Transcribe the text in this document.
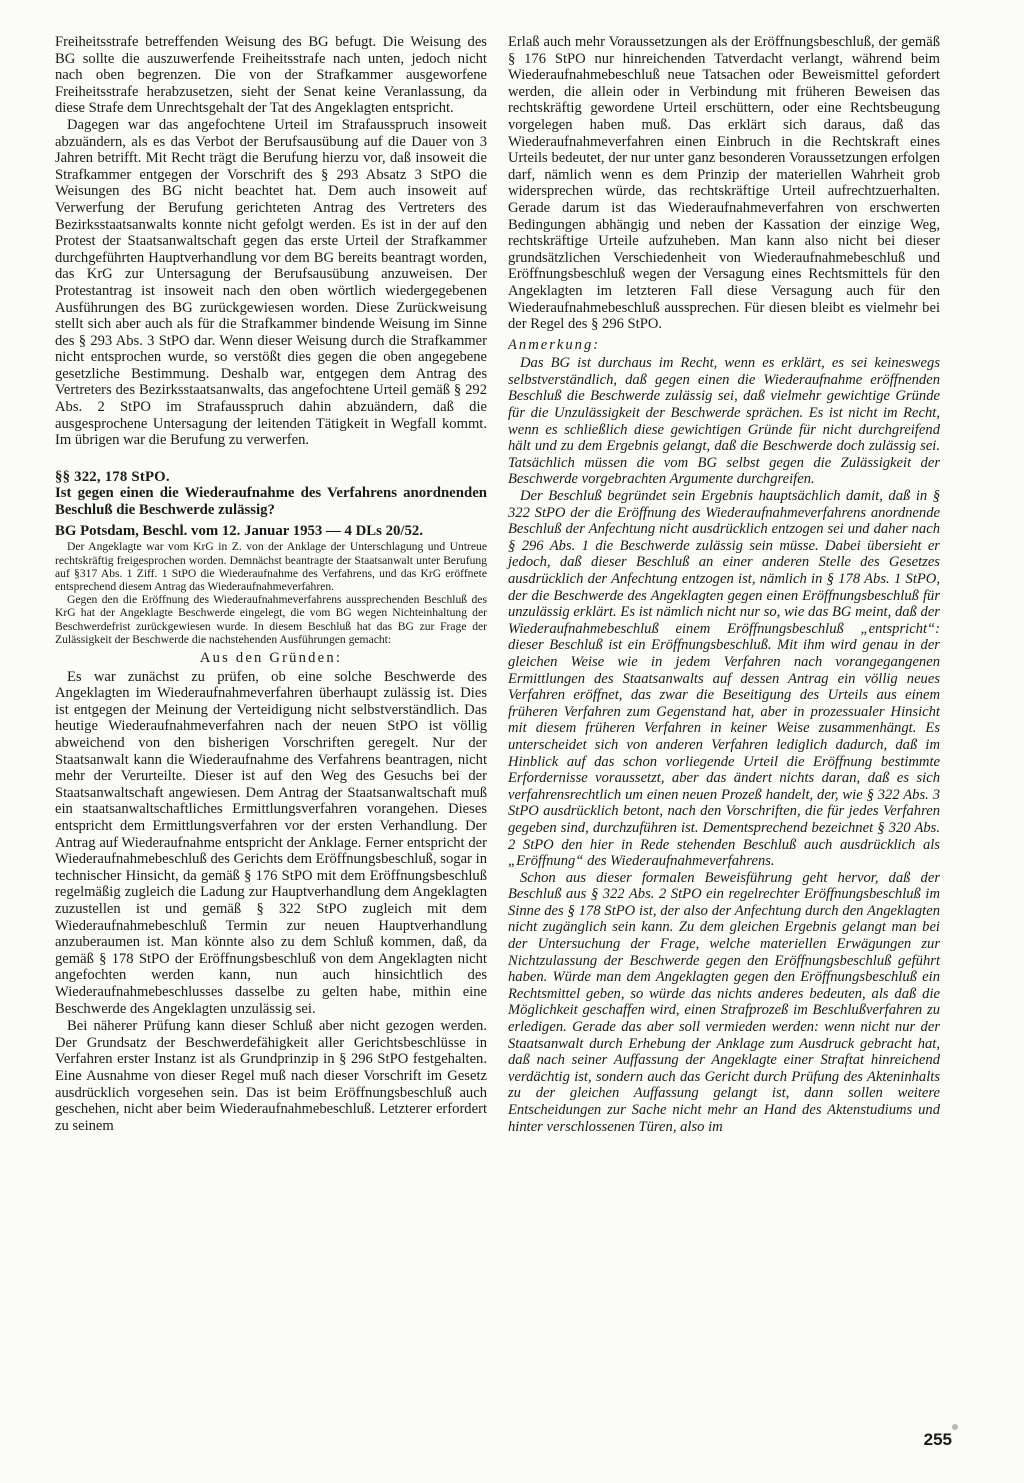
Freiheitsstrafe betreffenden Weisung des BG befugt. Die Weisung des BG sollte die auszuwerfende Freiheitsstrafe nach unten, jedoch nicht nach oben begrenzen. Die von der Strafkammer ausgeworfene Freiheitsstrafe herabzusetzen, sieht der Senat keine Veranlassung, da diese Strafe dem Unrechtsgehalt der Tat des Angeklagten entspricht.

Dagegen war das angefochtene Urteil im Strafausspruch insoweit abzuändern, als es das Verbot der Berufsausübung auf die Dauer von 3 Jahren betrifft. Mit Recht trägt die Berufung hierzu vor, daß insoweit die Strafkammer entgegen der Vorschrift des § 293 Absatz 3 StPO die Weisungen des BG nicht beachtet hat. Dem auch insoweit auf Verwerfung der Berufung gerichteten Antrag des Vertreters des Bezirksstaatsanwalts konnte nicht gefolgt werden. Es ist in der auf den Protest der Staatsanwaltschaft gegen das erste Urteil der Strafkammer durchgeführten Hauptverhandlung vor dem BG bereits beantragt worden, das KrG zur Untersagung der Berufsausübung anzuweisen. Der Protestantrag ist insoweit nach den oben wörtlich wiedergegebenen Ausführungen des BG zurückgewiesen worden. Diese Zurückweisung stellt sich aber auch als für die Strafkammer bindende Weisung im Sinne des § 293 Abs. 3 StPO dar. Wenn dieser Weisung durch die Strafkammer nicht entsprochen wurde, so verstößt dies gegen die oben angegebene gesetzliche Bestimmung. Deshalb war, entgegen dem Antrag des Vertreters des Bezirksstaatsanwalts, das angefochtene Urteil gemäß § 292 Abs. 2 StPO im Strafausspruch dahin abzuändern, daß die ausgesprochene Untersagung der leitenden Tätigkeit in Wegfall kommt. Im übrigen war die Berufung zu verwerfen.

§§ 322, 178 StPO.

Ist gegen einen die Wiederaufnahme des Verfahrens anordnenden Beschluß die Beschwerde zulässig?

BG Potsdam, Beschl. vom 12. Januar 1953 — 4 DLs 20/52.

Der Angeklagte war vom KrG in Z. von der Anklage der Unterschlagung und Untreue rechtskräftig freigesprochen worden. Demnächst beantragte der Staatsanwalt unter Berufung auf §317 Abs. 1 Ziff. 1 StPO die Wiederaufnahme des Verfahrens, und das KrG eröffnete entsprechend diesem Antrag das Wiederaufnahmeverfahren.

Gegen den die Eröffnung des Wiederaufnahmeverfahrens aussprechenden Beschluß des KrG hat der Angeklagte Beschwerde eingelegt, die vom BG wegen Nichteinhaltung der Beschwerdefrist zurückgewiesen wurde. In diesem Beschluß hat das BG zur Frage der Zulässigkeit der Beschwerde die nachstehenden Ausführungen gemacht:

Aus den Gründen:

Es war zunächst zu prüfen, ob eine solche Beschwerde des Angeklagten im Wiederaufnahmeverfahren überhaupt zulässig ist. Dies ist entgegen der Meinung der Verteidigung nicht selbstverständlich. Das heutige Wiederaufnahmeverfahren nach der neuen StPO ist völlig abweichend von den bisherigen Vorschriften geregelt. Nur der Staatsanwalt kann die Wiederaufnahme des Verfahrens beantragen, nicht mehr der Verurteilte. Dieser ist auf den Weg des Gesuchs bei der Staatsanwaltschaft angewiesen. Dem Antrag der Staatsanwaltschaft muß ein staatsanwaltschaftliches Ermittlungsverfahren vorangehen. Dieses entspricht dem Ermittlungsverfahren vor der ersten Verhandlung. Der Antrag auf Wiederaufnahme entspricht der Anklage. Ferner entspricht der Wiederaufnahmebeschluß des Gerichts dem Eröffnungsbeschluß, sogar in technischer Hinsicht, da gemäß § 176 StPO mit dem Eröffnungsbeschluß regelmäßig zugleich die Ladung zur Hauptverhandlung dem Angeklagten zuzustellen ist und gemäß § 322 StPO zugleich mit dem Wiederaufnahmebeschluß Termin zur neuen Hauptverhandlung anzuberaumen ist. Man könnte also zu dem Schluß kommen, daß, da gemäß § 178 StPO der Eröffnungsbeschluß von dem Angeklagten nicht angefochten werden kann, nun auch hinsichtlich des Wiederaufnahmebeschlusses dasselbe zu gelten habe, mithin eine Beschwerde des Angeklagten unzulässig sei.

Bei näherer Prüfung kann dieser Schluß aber nicht gezogen werden. Der Grundsatz der Beschwerdefähigkeit aller Gerichtsbeschlüsse in Verfahren erster Instanz ist als Grundprinzip in § 296 StPO festgehalten. Eine Ausnahme von dieser Regel muß nach dieser Vorschrift im Gesetz ausdrücklich vorgesehen sein. Das ist beim Eröffnungsbeschluß auch geschehen, nicht aber beim Wiederaufnahmebeschluß. Letzterer erfordert zu seinem

Erlaß auch mehr Voraussetzungen als der Eröffnungsbeschluß, der gemäß § 176 StPO nur hinreichenden Tatverdacht verlangt, während beim Wiederaufnahmebeschluß neue Tatsachen oder Beweismittel gefordert werden, die allein oder in Verbindung mit früheren Beweisen das rechtskräftig gewordene Urteil erschüttern, oder eine Rechtsbeugung vorgelegen haben muß. Das erklärt sich daraus, daß das Wiederaufnahmeverfahren einen Einbruch in die Rechtskraft eines Urteils bedeutet, der nur unter ganz besonderen Voraussetzungen erfolgen darf, nämlich wenn es dem Prinzip der materiellen Wahrheit grob widersprechen würde, das rechtskräftige Urteil aufrechtzuerhalten. Gerade darum ist das Wiederaufnahmeverfahren von erschwerten Bedingungen abhängig und neben der Kassation der einzige Weg, rechtskräftige Urteile aufzuheben. Man kann also nicht bei dieser grundsätzlichen Verschiedenheit von Wiederaufnahmebeschluß und Eröffnungsbeschluß wegen der Versagung eines Rechtsmittels für den Angeklagten im letzteren Fall diese Versagung auch für den Wiederaufnahmebeschluß aussprechen. Für diesen bleibt es vielmehr bei der Regel des § 296 StPO.

Anmerkung:

Das BG ist durchaus im Recht, wenn es erklärt, es sei keineswegs selbstverständlich, daß gegen einen die Wiederaufnahme eröffnenden Beschluß die Beschwerde zulässig sei, daß vielmehr gewichtige Gründe für die Unzulässigkeit der Beschwerde sprächen. Es ist nicht im Recht, wenn es schließlich diese gewichtigen Gründe für nicht durchgreifend hält und zu dem Ergebnis gelangt, daß die Beschwerde doch zulässig sei. Tatsächlich müssen die vom BG selbst gegen die Zulässigkeit der Beschwerde vorgebrachten Argumente durchgreifen.

Der Beschluß begründet sein Ergebnis hauptsächlich damit, daß in § 322 StPO der die Eröffnung des Wiederaufnahmeverfahrens anordnende Beschluß der Anfechtung nicht ausdrücklich entzogen sei und daher nach § 296 Abs. 1 die Beschwerde zulässig sein müsse. Dabei übersieht er jedoch, daß dieser Beschluß an einer anderen Stelle des Gesetzes ausdrücklich der Anfechtung entzogen ist, nämlich in § 178 Abs. 1 StPO, der die Beschwerde des Angeklagten gegen einen Eröffnungsbeschluß für unzulässig erklärt. Es ist nämlich nicht nur so, wie das BG meint, daß der Wiederaufnahmebeschluß einem Eröffnungsbeschluß „entspricht“: dieser Beschluß ist ein Eröffnungsbeschluß. Mit ihm wird genau in der gleichen Weise wie in jedem Verfahren nach vorangegangenen Ermittlungen des Staatsanwalts auf dessen Antrag ein völlig neues Verfahren eröffnet, das zwar die Beseitigung des Urteils aus einem früheren Verfahren zum Gegenstand hat, aber in prozessualer Hinsicht mit diesem früheren Verfahren in keiner Weise zusammenhängt. Es unterscheidet sich von anderen Verfahren lediglich dadurch, daß im Hinblick auf das schon vorliegende Urteil die Eröffnung bestimmte Erfordernisse voraussetzt, aber das ändert nichts daran, daß es sich verfahrensrechtlich um einen neuen Prozeß handelt, der, wie § 322 Abs. 3 StPO ausdrücklich betont, nach den Vorschriften, die für jedes Verfahren gegeben sind, durchzuführen ist. Dementsprechend bezeichnet § 320 Abs. 2 StPO den hier in Rede stehenden Beschluß auch ausdrücklich als „Eröffnung“ des Wiederaufnahmeverfahrens.

Schon aus dieser formalen Beweisführung geht hervor, daß der Beschluß aus § 322 Abs. 2 StPO ein regelrechter Eröffnungsbeschluß im Sinne des § 178 StPO ist, der also der Anfechtung durch den Angeklagten nicht zugänglich sein kann. Zu dem gleichen Ergebnis gelangt man bei der Untersuchung der Frage, welche materiellen Erwägungen zur Nichtzulassung der Beschwerde gegen den Eröffnungsbeschluß geführt haben. Würde man dem Angeklagten gegen den Eröffnungsbeschluß ein Rechtsmittel geben, so würde das nichts anderes bedeuten, als daß die Möglichkeit geschaffen wird, einen Strafprozeß im Beschlußverfahren zu erledigen. Gerade das aber soll vermieden werden: wenn nicht nur der Staatsanwalt durch Erhebung der Anklage zum Ausdruck gebracht hat, daß nach seiner Auffassung der Angeklagte einer Straftat hinreichend verdächtig ist, sondern auch das Gericht durch Prüfung des Akteninhalts zu der gleichen Auffassung gelangt ist, dann sollen weitere Entscheidungen zur Sache nicht mehr an Hand des Aktenstudiums und hinter verschlossenen Türen, also im

255
